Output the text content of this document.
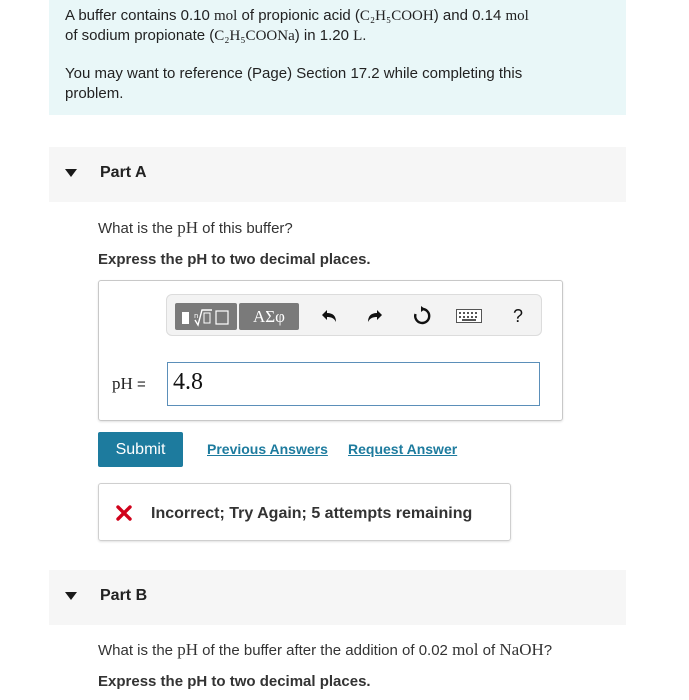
A buffer contains 0.10 mol of propionic acid (C₂H₅COOH) and 0.14 mol
of sodium propionate (C₂H₅COONa) in 1.20 L.

You may want to reference (Page) Section 17.2 while completing this problem.

Part A
What is the pH of this buffer?
Express the pH to two decimal places.
n	ΑΣφ	?
pH = 4.8
Submit	Previous Answers Request Answer
Incorrect; Try Again; 5 attempts remaining
Part B
What is the pH of the buffer after the addition of 0.02 mol of NaOH?
Express the pH to two decimal places.
